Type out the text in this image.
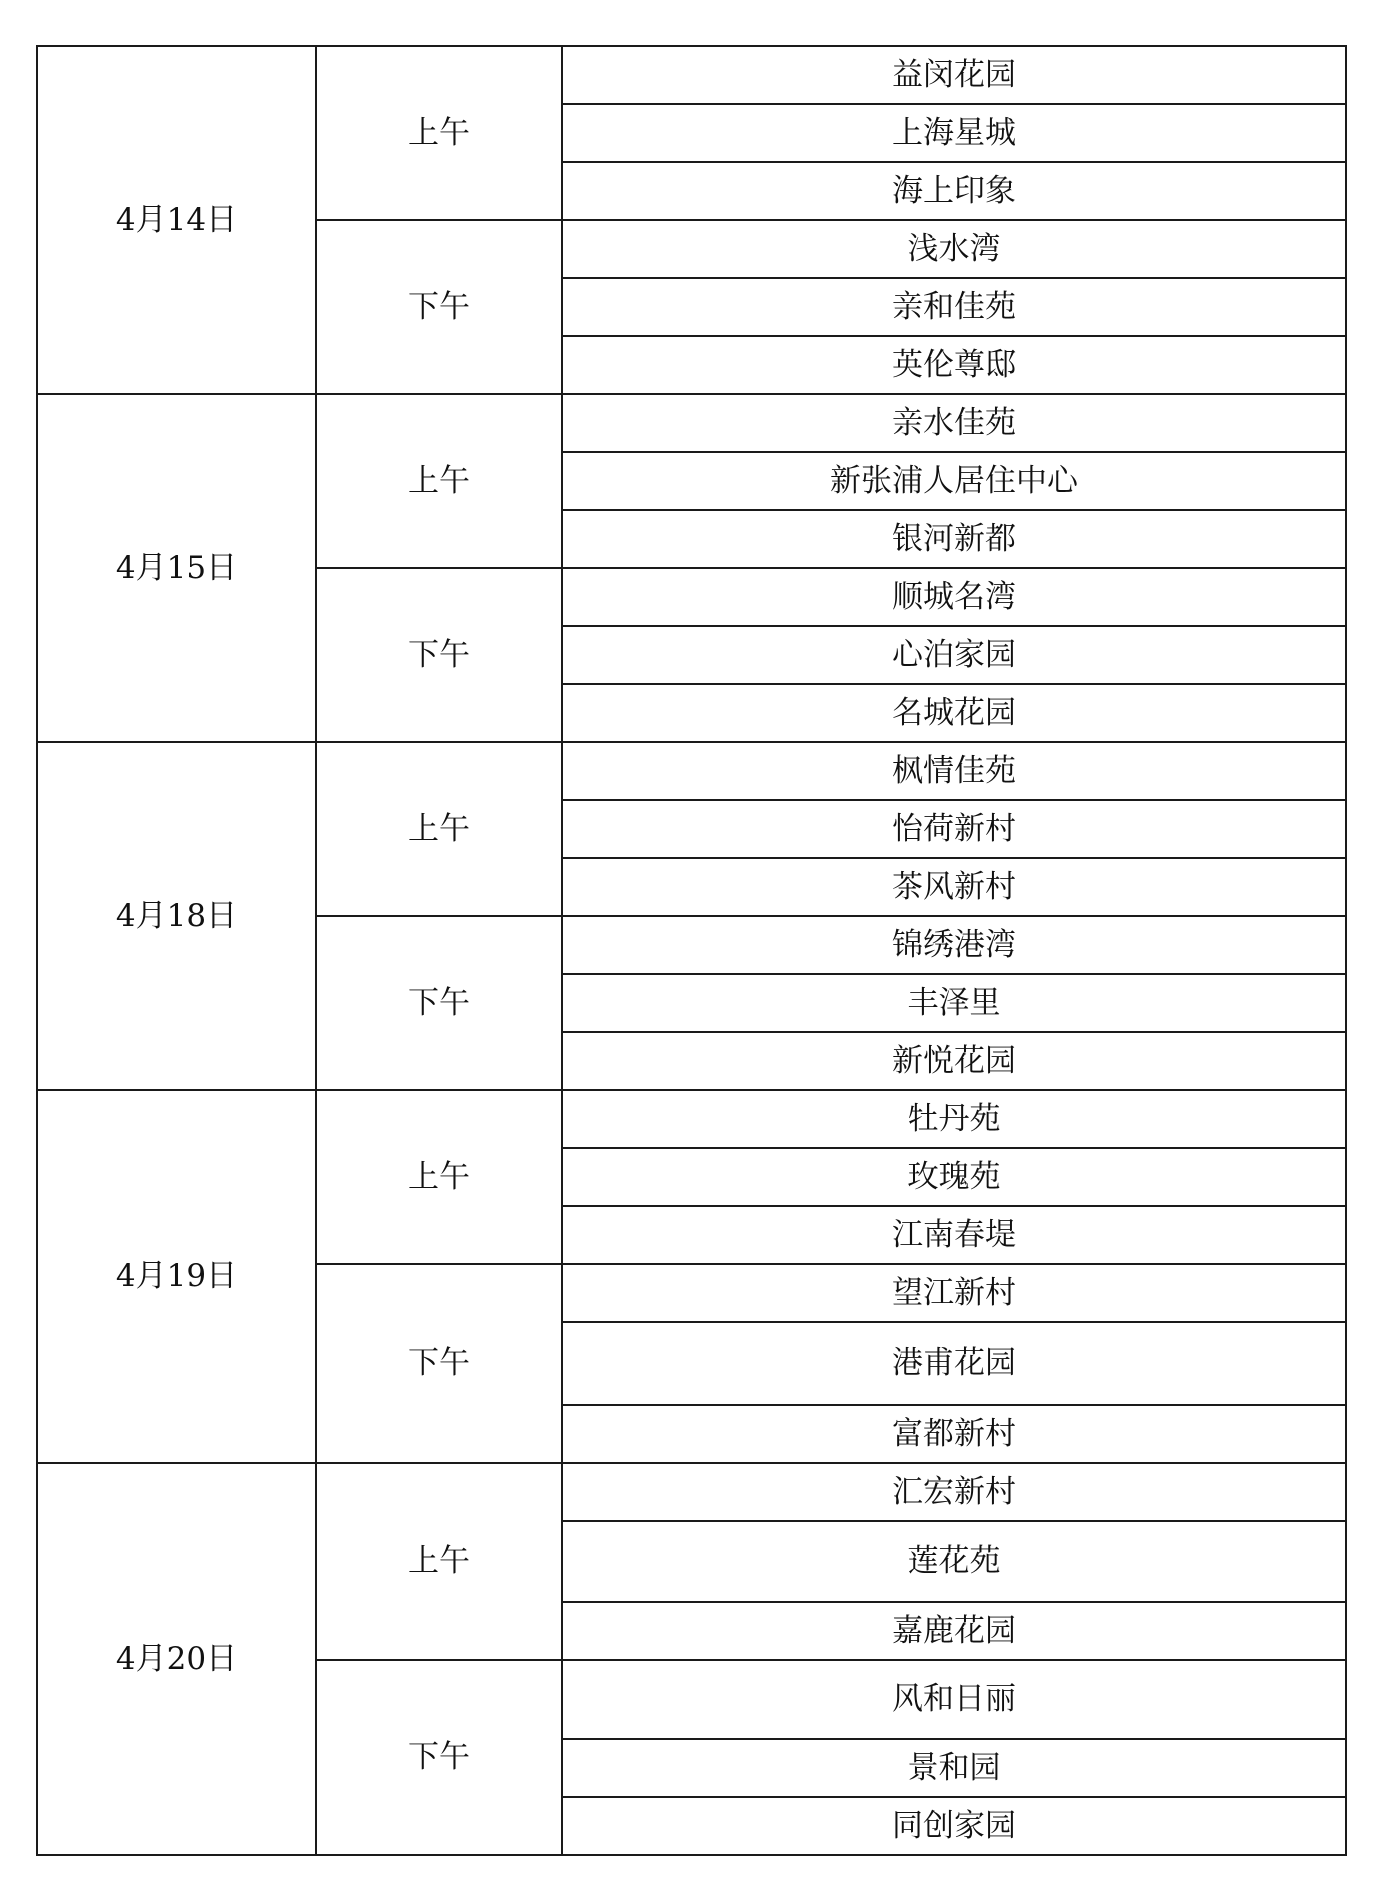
4月14日	上午	益闵花园
		上海星城
		海上印象
	下午	浅水湾
		亲和佳苑
		英伦尊邸
4月15日	上午	亲水佳苑
		新张浦人居住中心
		银河新都
	下午	顺城名湾
		心泊家园
		名城花园
4月18日	上午	枫情佳苑
		怡荷新村
		茶风新村
	下午	锦绣港湾
		丰泽里
		新悦花园
4月19日	上午	牡丹苑
		玫瑰苑
		江南春堤
	下午	望江新村
		港甫花园
		富都新村
4月20日	上午	汇宏新村
		莲花苑
		嘉鹿花园
	下午	风和日丽
		景和园
		同创家园
